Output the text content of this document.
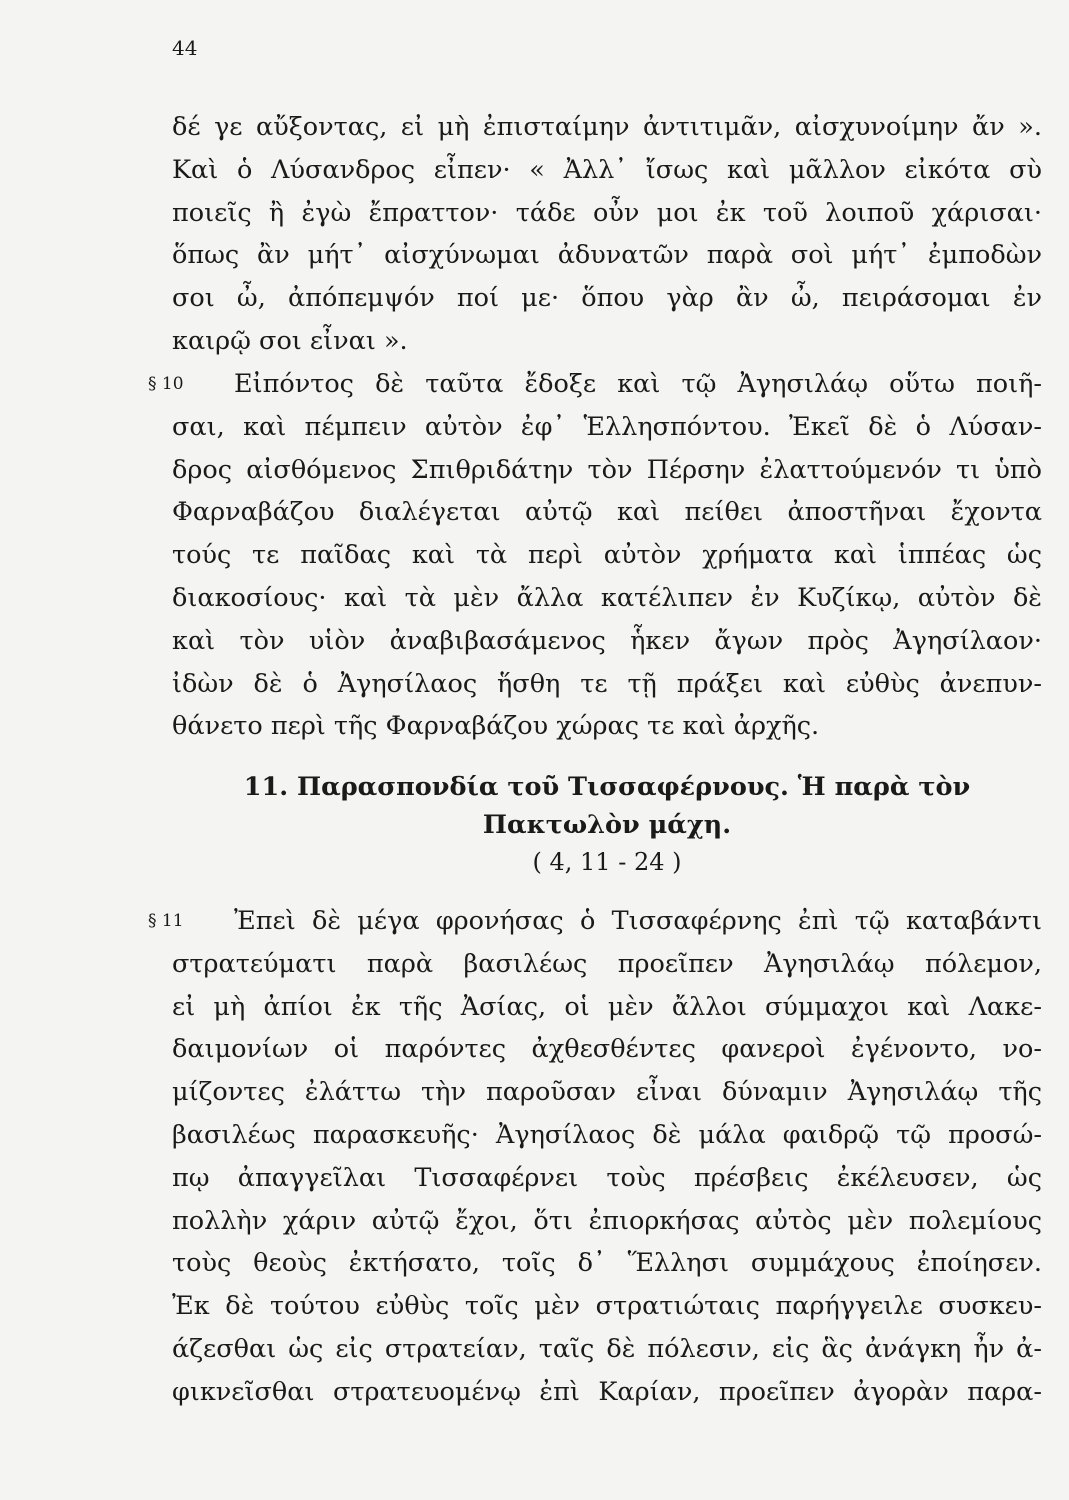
44
δέ γε αὔξοντας, εἰ μὴ ἐπισταίμην ἀντιτιμᾶν, αἰσχυνοίμην ἄν ».
Καὶ ὁ Λύσανδρος εἶπεν· « Ἀλλ᾽ ἴσως καὶ μᾶλλον εἰκότα σὺ
ποιεῖς ἢ ἐγὼ ἔπραττον· τάδε οὖν μοι ἐκ τοῦ λοιποῦ χάρισαι·
ὅπως ἂν μήτ᾽ αἰσχύνωμαι ἀδυνατῶν παρὰ σοὶ μήτ᾽ ἐμποδὼν
σοι ὦ, ἀπόπεμψόν ποί με· ὅπου γὰρ ἂν ὦ, πειράσομαι ἐν
καιρῷ σοι εἶναι ».
§ 10 Εἰπόντος δὲ ταῦτα ἔδοξε καὶ τῷ Ἀγησιλάῳ οὕτω ποιῆ-
σαι, καὶ πέμπειν αὐτὸν ἐφ᾽ Ἑλλησπόντου. Ἐκεῖ δὲ ὁ Λύσαν-
δρος αἰσθόμενος Σπιθριδάτην τὸν Πέρσην ἐλαττούμενόν τι ὑπὸ
Φαρναβάζου διαλέγεται αὐτῷ καὶ πείθει ἀποστῆναι ἔχοντα
τούς τε παῖδας καὶ τὰ περὶ αὐτὸν χρήματα καὶ ἱππέας ὡς
διακοσίους· καὶ τὰ μὲν ἄλλα κατέλιπεν ἐν Κυζίκῳ, αὐτὸν δὲ
καὶ τὸν υἱὸν ἀναβιβασάμενος ἧκεν ἄγων πρὸς Ἀγησίλαον·
ἰδὼν δὲ ὁ Ἀγησίλαος ἥσθη τε τῇ πράξει καὶ εὐθὺς ἀνεπυν-
θάνετο περὶ τῆς Φαρναβάζου χώρας τε καὶ ἀρχῆς.
11. Παρασπονδία τοῦ Τισσαφέρνους. Ἡ παρὰ τὸν
Πακτωλὸν μάχη.
( 4, 11 - 24 )
§ 11 Ἐπεὶ δὲ μέγα φρονήσας ὁ Τισσαφέρνης ἐπὶ τῷ καταβάντι
στρατεύματι παρὰ βασιλέως προεῖπεν Ἀγησιλάῳ πόλεμον,
εἰ μὴ ἀπίοι ἐκ τῆς Ἀσίας, οἱ μὲν ἄλλοι σύμμαχοι καὶ Λακε-
δαιμονίων οἱ παρόντες ἀχθεσθέντες φανεροὶ ἐγένοντο, νο-
μίζοντες ἐλάττω τὴν παροῦσαν εἶναι δύναμιν Ἀγησιλάῳ τῆς
βασιλέως παρασκευῆς· Ἀγησίλαος δὲ μάλα φαιδρῷ τῷ προσώ-
πῳ ἀπαγγεῖλαι Τισσαφέρνει τοὺς πρέσβεις ἐκέλευσεν, ὡς
πολλὴν χάριν αὐτῷ ἔχοι, ὅτι ἐπιορκήσας αὐτὸς μὲν πολεμίους
τοὺς θεοὺς ἐκτήσατο, τοῖς δ᾽ Ἕλλησι συμμάχους ἐποίησεν.
Ἐκ δὲ τούτου εὐθὺς τοῖς μὲν στρατιώταις παρήγγειλε συσκευ-
άζεσθαι ὡς εἰς στρατείαν, ταῖς δὲ πόλεσιν, εἰς ἃς ἀνάγκη ἦν ἀ-
φικνεῖσθαι στρατευομένῳ ἐπὶ Καρίαν, προεῖπεν ἀγορὰν παρα-
